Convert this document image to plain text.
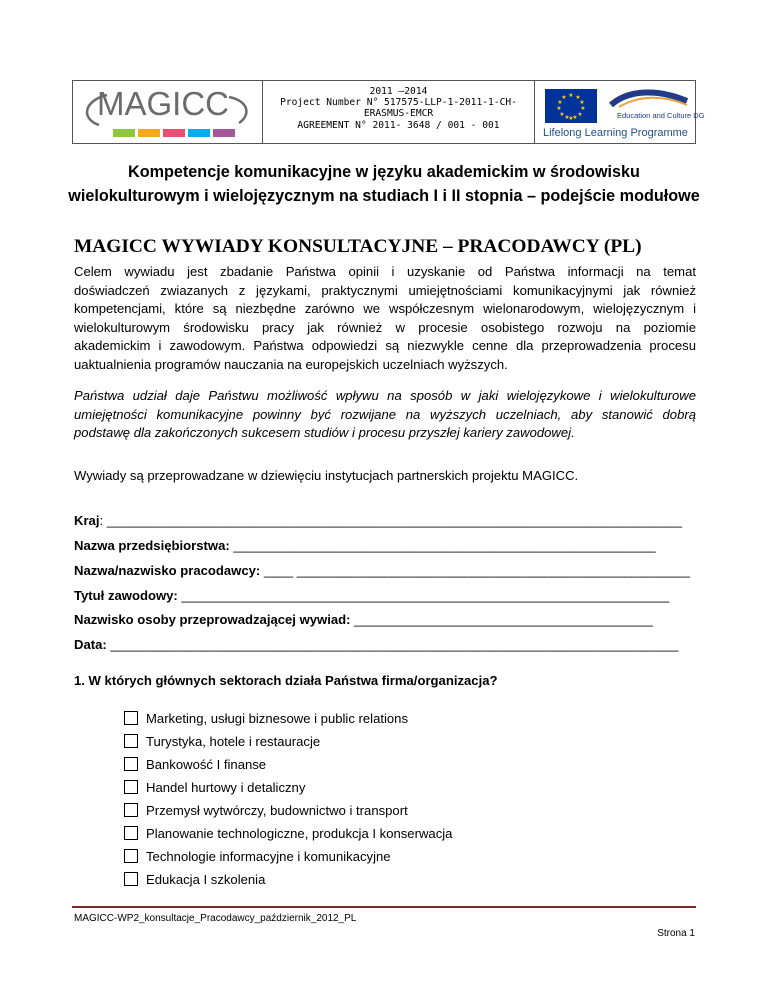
MAGICC	2011 –2014
Project Number N° 517575-LLP-1-2011-1-CH-
ERASMUS-EMCR
AGREEMENT N° 2011- 3648 / 001 - 001
★ ★
★
★
★
★
★
★
★
★
★
★	Education and Culture DG
Lifelong Learning Programme
Kompetencje komunikacyjne w języku akademickim w środowisku
wielokulturowym i wielojęzycznym na studiach I i II stopnia – podejście modułowe
MAGICC WYWIADY KONSULTACYJNE – PRACODAWCY (PL)

Celem wywiadu jest zbadanie Państwa opinii i uzyskanie od Państwa informacji na temat
doświadczeń zwiazanych z językami, praktycznymi umiejętnościami komunikacyjnymi jak również
kompetencjami, które są niezbędne zarówno we współczesnym wielonarodowym, wielojęzycznym i
wielokulturowym środowisku pracy jak również w procesie osobistego rozwoju na poziomie
akademickim i zawodowym. Państwa odpowiedzi są niezwykle cenne dla przeprowadzenia procesu
uaktualnienia programów nauczania na europejskich uczelniach wyższych.

Państwa udział daje Państwu możliwość wpływu na sposób w jaki wielojęzykowe i wielokulturowe
umiejętności komunikacyjne powinny być rozwijane na wyższych uczelniach, aby stanowić dobrą
podstawę dla zakończonych sukcesem studiów i procesu przyszłej kariery zawodowej.

Wywiady są przeprowadzane w dziewięciu instytucjach partnerskich projektu MAGICC.

Kraj: _______________________________________________________________________________
Nazwa przedsiębiorstwa: __________________________________________________________
Nazwa/nazwisko pracodawcy: ____ ______________________________________________________
Tytuł zawodowy: ___________________________________________________________________
Nazwisko osoby przeprowadzającej wywiad: _________________________________________
Data: ______________________________________________________________________________
1. W których głównych sektorach działa Państwa firma/organizacja?
Marketing, usługi biznesowe i public relations
Turystyka, hotele i restauracje
Bankowość I finanse
Handel hurtowy i detaliczny
Przemysł wytwórczy, budownictwo i transport
Planowanie technologiczne, produkcja I konserwacja
Technologie informacyjne i komunikacyjne
Edukacja I szkolenia
MAGICC-WP2_konsultacje_Pracodawcy_październik_2012_PL
Strona 1
